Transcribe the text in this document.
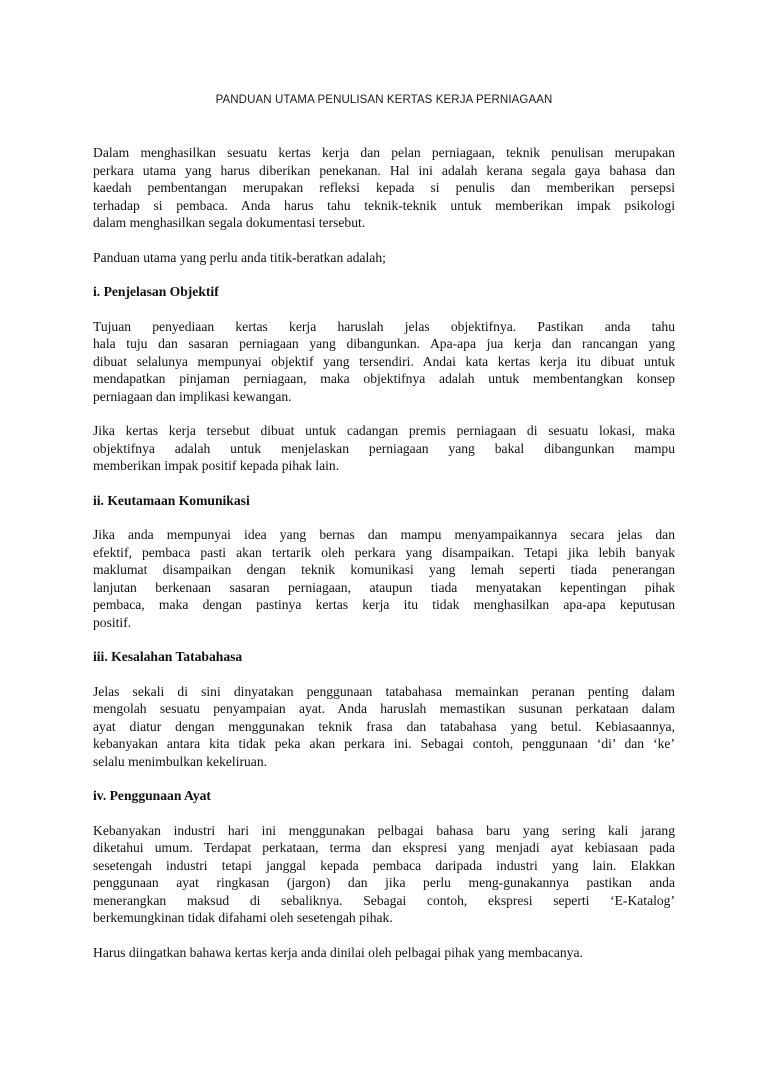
PANDUAN UTAMA PENULISAN KERTAS KERJA PERNIAGAAN
Dalam menghasilkan sesuatu kertas kerja dan pelan perniagaan, teknik penulisan merupakan
perkara utama yang harus diberikan penekanan. Hal ini adalah kerana segala gaya bahasa dan
kaedah pembentangan merupakan refleksi kepada si penulis dan memberikan persepsi
terhadap si pembaca. Anda harus tahu teknik-teknik untuk memberikan impak psikologi
dalam menghasilkan segala dokumentasi tersebut.
Panduan utama yang perlu anda titik-beratkan adalah;
i. Penjelasan Objektif
Tujuan penyediaan kertas kerja haruslah jelas objektifnya. Pastikan anda tahu
hala tuju dan sasaran perniagaan yang dibangunkan. Apa-apa jua kerja dan rancangan yang
dibuat selalunya mempunyai objektif yang tersendiri. Andai kata kertas kerja itu dibuat untuk
mendapatkan pinjaman perniagaan, maka objektifnya adalah untuk membentangkan konsep
perniagaan dan implikasi kewangan.
Jika kertas kerja tersebut dibuat untuk cadangan premis perniagaan di sesuatu lokasi, maka
objektifnya adalah untuk menjelaskan perniagaan yang bakal dibangunkan mampu
memberikan impak positif kepada pihak lain.
ii. Keutamaan Komunikasi
Jika anda mempunyai idea yang bernas dan mampu menyampaikannya secara jelas dan
efektif, pembaca pasti akan tertarik oleh perkara yang disampaikan. Tetapi jika lebih banyak
maklumat disampaikan dengan teknik komunikasi yang lemah seperti tiada penerangan
lanjutan berkenaan sasaran perniagaan, ataupun tiada menyatakan kepentingan pihak
pembaca, maka dengan pastinya kertas kerja itu tidak menghasilkan apa-apa keputusan
positif.
iii. Kesalahan Tatabahasa
Jelas sekali di sini dinyatakan penggunaan tatabahasa memainkan peranan penting dalam
mengolah sesuatu penyampaian ayat. Anda haruslah memastikan susunan perkataan dalam
ayat diatur dengan menggunakan teknik frasa dan tatabahasa yang betul. Kebiasaannya,
kebanyakan antara kita tidak peka akan perkara ini. Sebagai contoh, penggunaan ‘di’ dan ‘ke’
selalu menimbulkan kekeliruan.
iv. Penggunaan Ayat
Kebanyakan industri hari ini menggunakan pelbagai bahasa baru yang sering kali jarang
diketahui umum. Terdapat perkataan, terma dan ekspresi yang menjadi ayat kebiasaan pada
sesetengah industri tetapi janggal kepada pembaca daripada industri yang lain. Elakkan
penggunaan ayat ringkasan (jargon) dan jika perlu meng-gunakannya pastikan anda
menerangkan maksud di sebaliknya. Sebagai contoh, ekspresi seperti ‘E-Katalog’
berkemungkinan tidak difahami oleh sesetengah pihak.
Harus diingatkan bahawa kertas kerja anda dinilai oleh pelbagai pihak yang membacanya.
